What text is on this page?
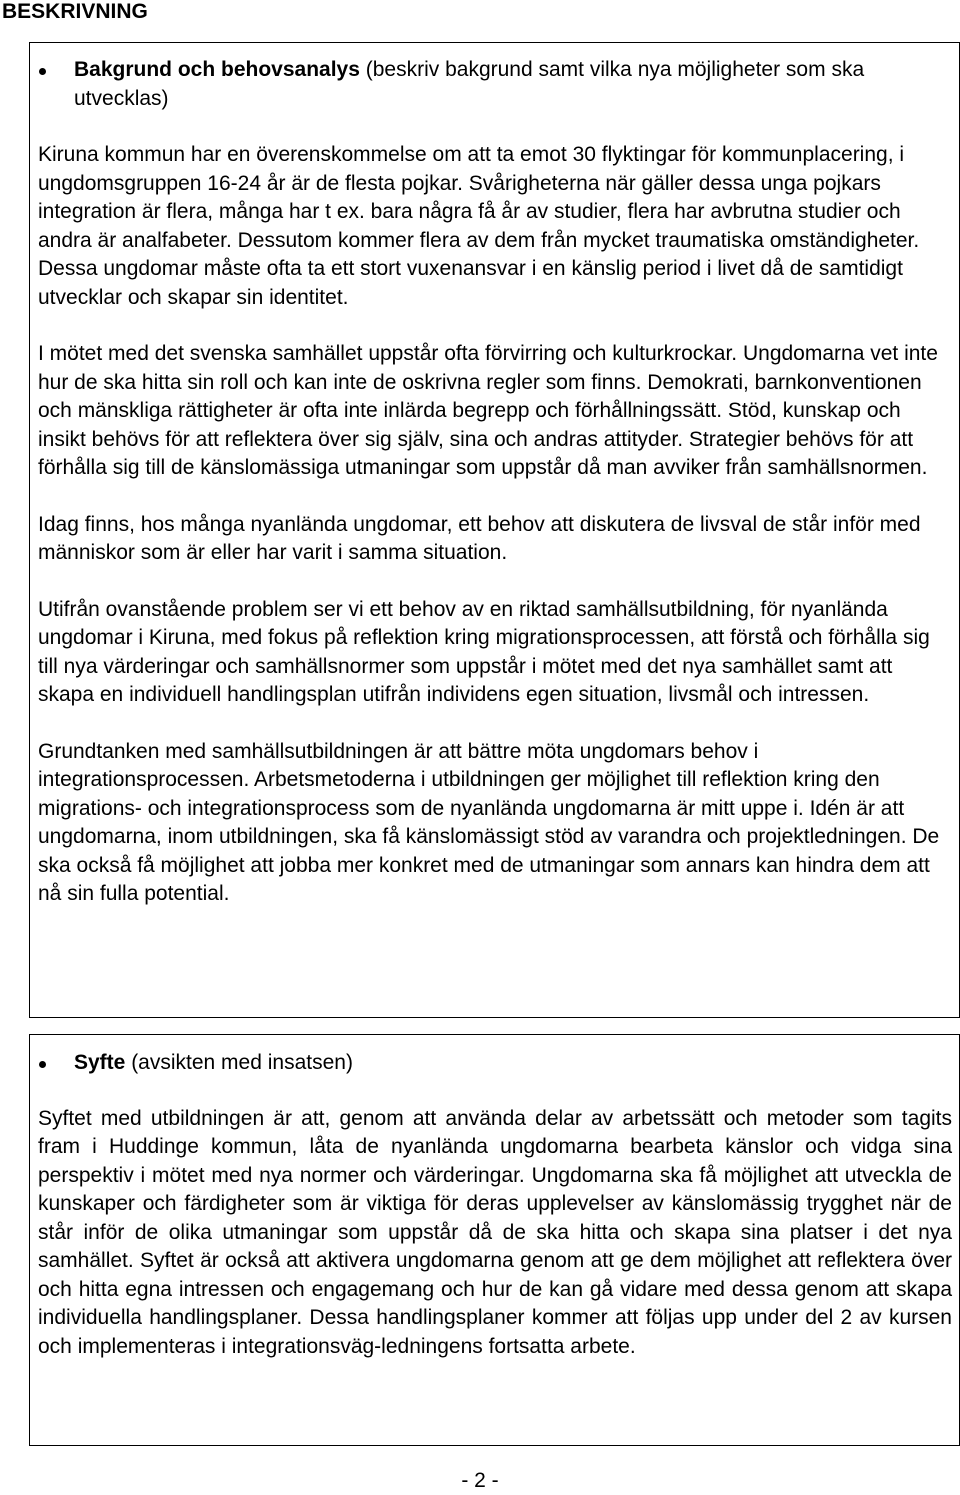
BESKRIVNING

Bakgrund och behovsanalys (beskriv bakgrund samt vilka nya möjligheter som ska utvecklas)

Kiruna kommun har en överenskommelse om att ta emot 30 flyktingar för kommunplacering, i ungdomsgruppen 16-24 år är de flesta pojkar. Svårigheterna när gäller dessa unga pojkars integration är flera, många har t ex. bara några få år av studier, flera har avbrutna studier och andra är analfabeter. Dessutom kommer flera av dem från mycket traumatiska omständigheter. Dessa ungdomar måste ofta ta ett stort vuxenansvar i en känslig period i livet då de samtidigt utvecklar och skapar sin identitet.

I mötet med det svenska samhället uppstår ofta förvirring och kulturkrockar. Ungdomarna vet inte hur de ska hitta sin roll och kan inte de oskrivna regler som finns. Demokrati, barnkonventionen och mänskliga rättigheter är ofta inte inlärda begrepp och förhållningssätt. Stöd, kunskap och insikt behövs för att reflektera över sig själv, sina och andras attityder. Strategier behövs för att förhålla sig till de känslomässiga utmaningar som uppstår då man avviker från samhällsnormen.

Idag finns, hos många nyanlända ungdomar, ett behov att diskutera de livsval de står inför med människor som är eller har varit i samma situation.

Utifrån ovanstående problem ser vi ett behov av en riktad samhällsutbildning, för nyanlända ungdomar i Kiruna, med fokus på reflektion kring migrationsprocessen, att förstå och förhålla sig till nya värderingar och samhällsnormer som uppstår i mötet med det nya samhället samt att skapa en individuell handlingsplan utifrån individens egen situation, livsmål och intressen.

Grundtanken med samhällsutbildningen är att bättre möta ungdomars behov i integrationsprocessen. Arbetsmetoderna i utbildningen ger möjlighet till reflektion kring den migrations- och integrationsprocess som de nyanlända ungdomarna är mitt uppe i. Idén är att ungdomarna, inom utbildningen, ska få känslomässigt stöd av varandra och projektledningen. De ska också få möjlighet att jobba mer konkret med de utmaningar som annars kan hindra dem att nå sin fulla potential.

Syfte (avsikten med insatsen)

Syftet med utbildningen är att, genom att använda delar av arbetssätt och metoder som tagits fram i Huddinge kommun, låta de nyanlända ungdomarna bearbeta känslor och vidga sina perspektiv i mötet med nya normer och värderingar. Ungdomarna ska få möjlighet att utveckla de kunskaper och färdigheter som är viktiga för deras upplevelser av känslomässig trygghet när de står inför de olika utmaningar som uppstår då de ska hitta och skapa sina platser i det nya samhället. Syftet är också att aktivera ungdomarna genom att ge dem möjlighet att reflektera över och hitta egna intressen och engagemang och hur de kan gå vidare med dessa genom att skapa individuella handlingsplaner. Dessa handlingsplaner kommer att följas upp under del 2 av kursen och implementeras i integrationsväg-ledningens fortsatta arbete.

- 2 -
